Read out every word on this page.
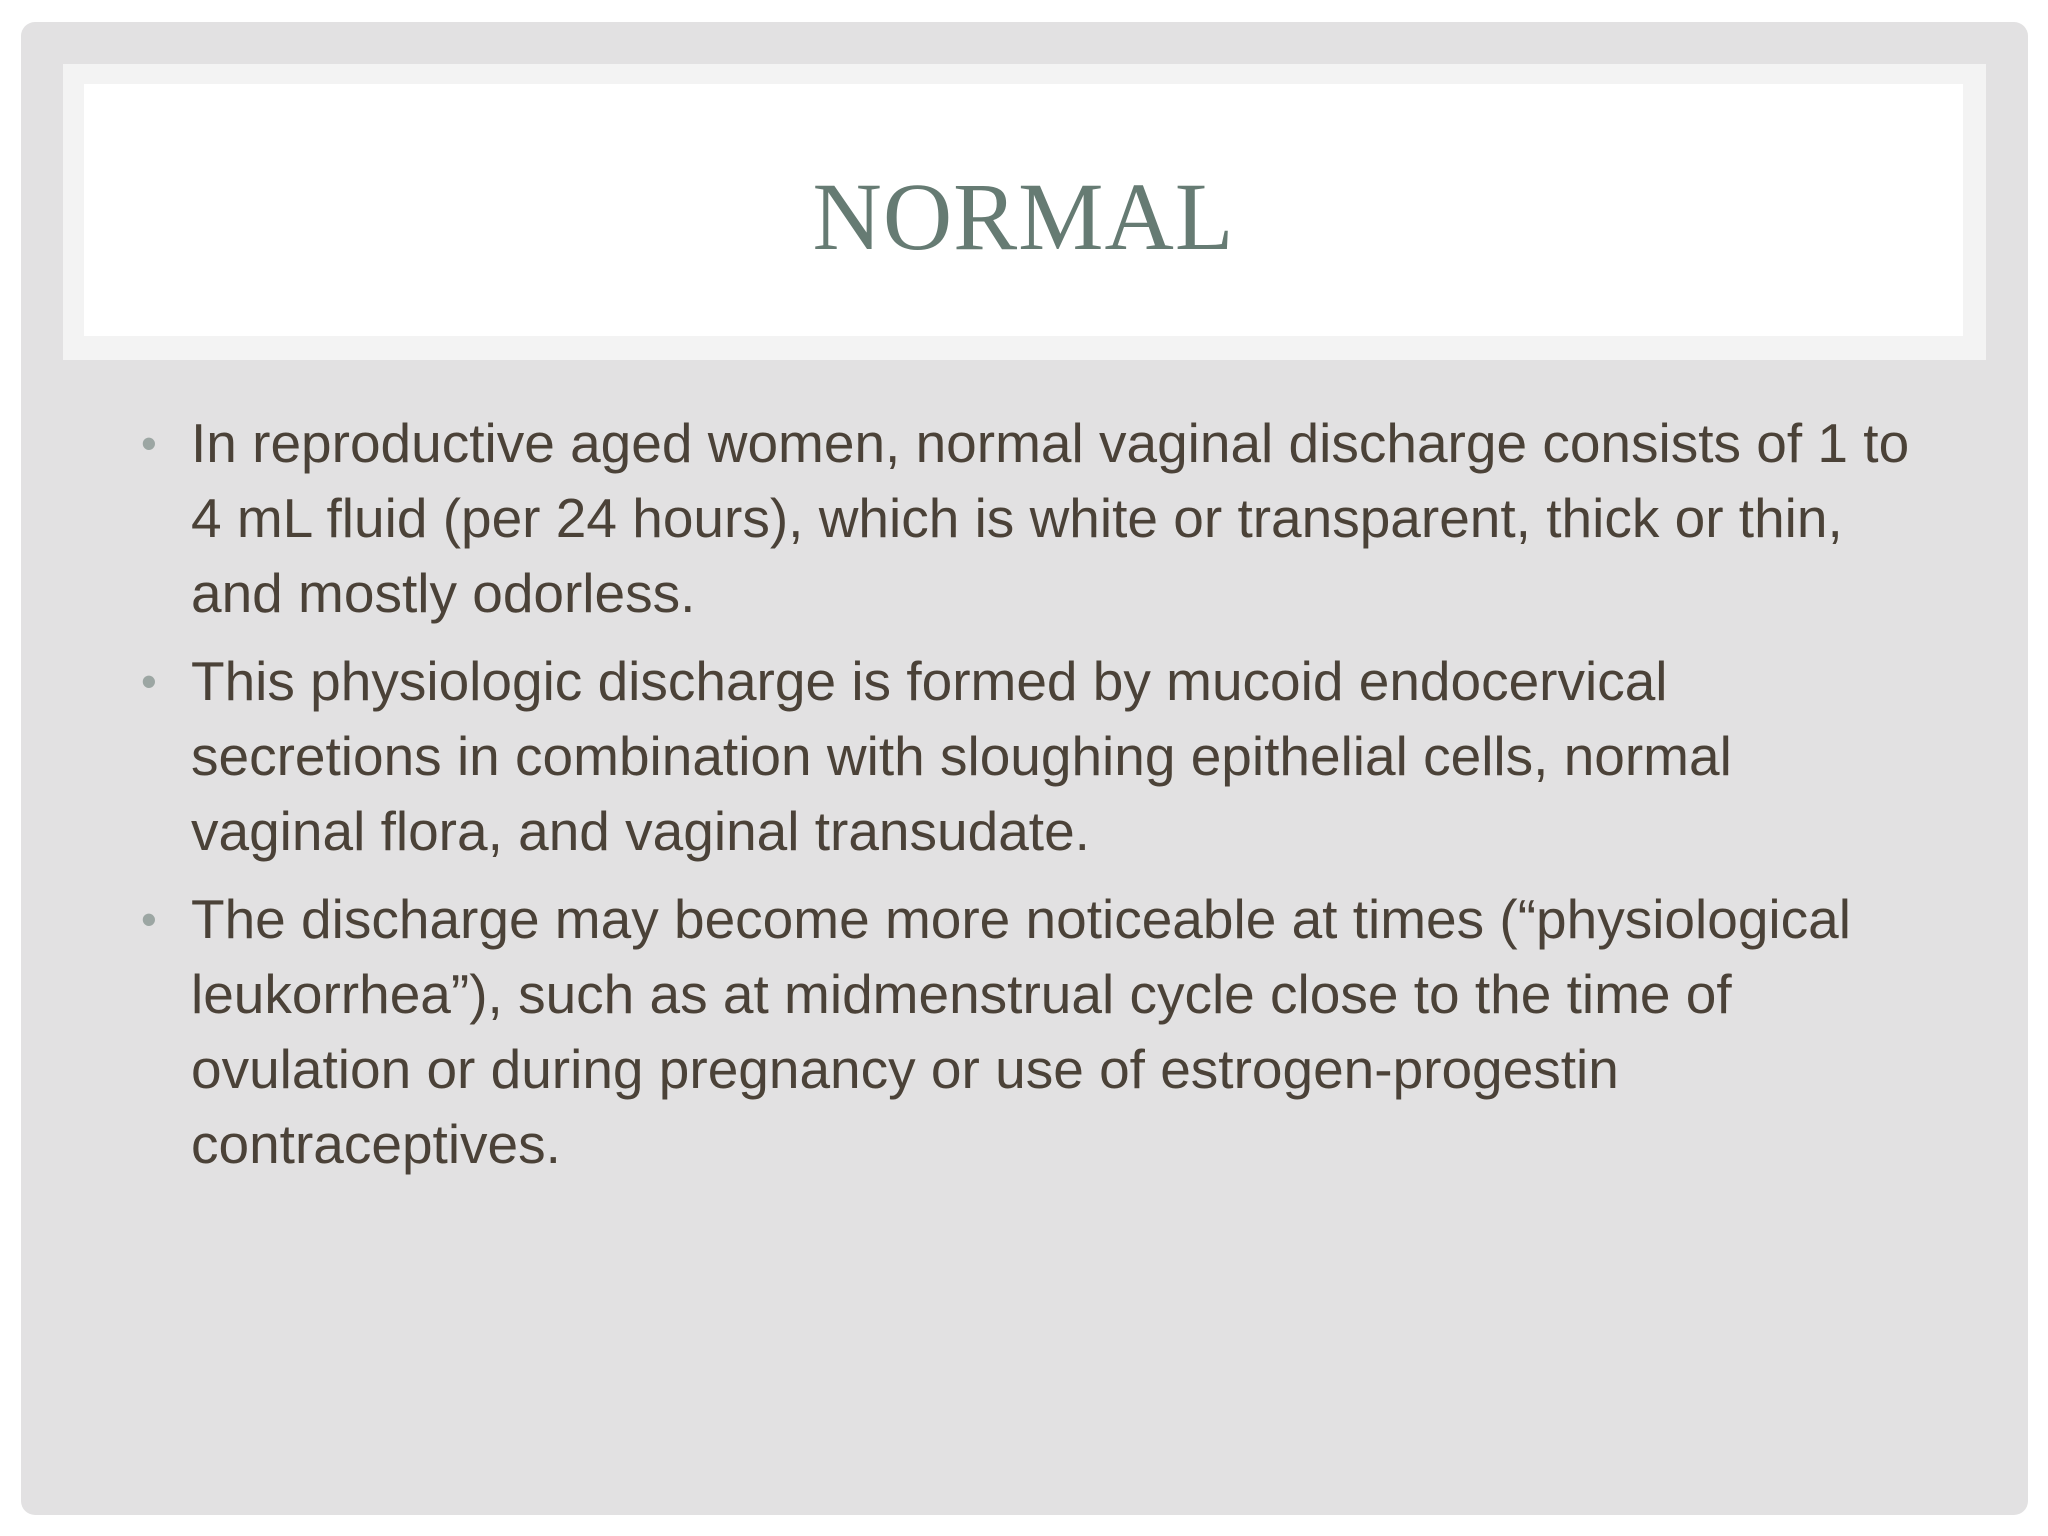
NORMAL
• In reproductive aged women, normal vaginal discharge consists of 1 to 4 mL fluid (per 24 hours), which is white or transparent, thick or thin, and mostly odorless.
• This physiologic discharge is formed by mucoid endocervical secretions in combination with sloughing epithelial cells, normal vaginal flora, and vaginal transudate.
• The discharge may become more noticeable at times (“physiological leukorrhea”), such as at midmenstrual cycle close to the time of ovulation or during pregnancy or use of estrogen-progestin contraceptives.
